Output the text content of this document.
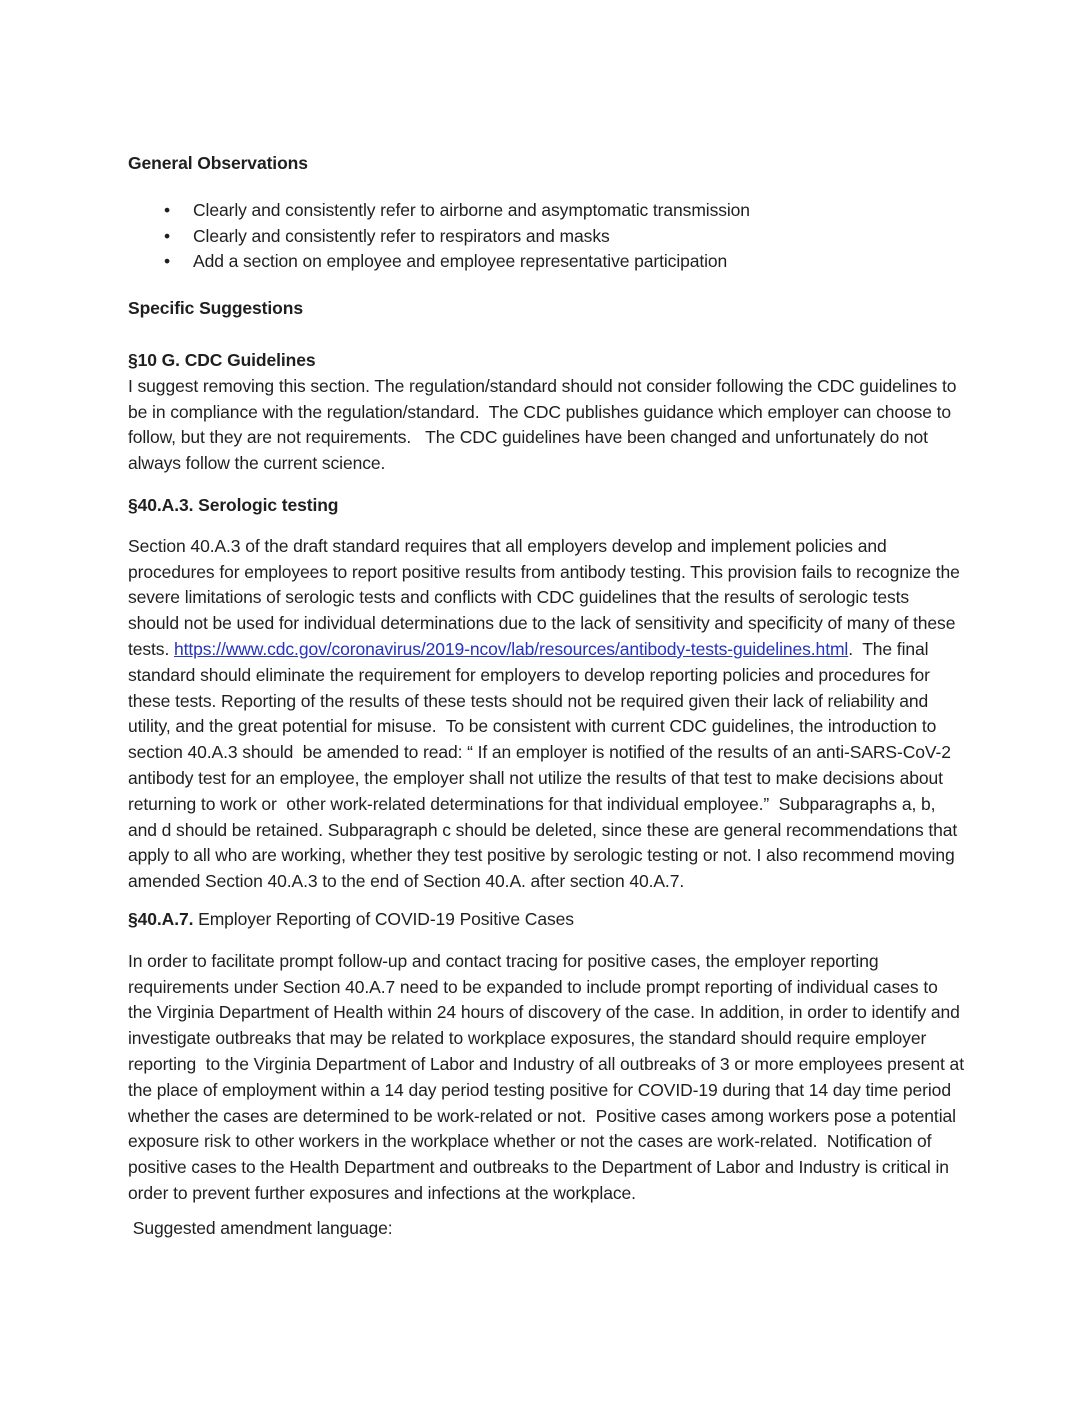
General Observations
• Clearly and consistently refer to airborne and asymptomatic transmission
• Clearly and consistently refer to respirators and masks
• Add a section on employee and employee representative participation
Specific Suggestions
§10 G. CDC Guidelines

I suggest removing this section. The regulation/standard should not consider following the CDC guidelines to be in compliance with the regulation/standard.  The CDC publishes guidance which employer can choose to follow, but they are not requirements.   The CDC guidelines have been changed and unfortunately do not always follow the current science.

§40.A.3. Serologic testing

Section 40.A.3 of the draft standard requires that all employers develop and implement policies and procedures for employees to report positive results from antibody testing. This provision fails to recognize the severe limitations of serologic tests and conflicts with CDC guidelines that the results of serologic tests should not be used for individual determinations due to the lack of sensitivity and specificity of many of these tests. https://www.cdc.gov/coronavirus/2019-ncov/lab/resources/antibody-tests-guidelines.html.  The final standard should eliminate the requirement for employers to develop reporting policies and procedures for these tests. Reporting of the results of these tests should not be required given their lack of reliability and utility, and the great potential for misuse.  To be consistent with current CDC guidelines, the introduction to section 40.A.3 should  be amended to read: “ If an employer is notified of the results of an anti-SARS-CoV-2 antibody test for an employee, the employer shall not utilize the results of that test to make decisions about returning to work or  other work-related determinations for that individual employee.”  Subparagraphs a, b, and d should be retained. Subparagraph c should be deleted, since these are general recommendations that apply to all who are working, whether they test positive by serologic testing or not. I also recommend moving amended Section 40.A.3 to the end of Section 40.A. after section 40.A.7.

§40.A.7. Employer Reporting of COVID-19 Positive Cases

In order to facilitate prompt follow-up and contact tracing for positive cases, the employer reporting requirements under Section 40.A.7 need to be expanded to include prompt reporting of individual cases to the Virginia Department of Health within 24 hours of discovery of the case. In addition, in order to identify and investigate outbreaks that may be related to workplace exposures, the standard should require employer reporting  to the Virginia Department of Labor and Industry of all outbreaks of 3 or more employees present at the place of employment within a 14 day period testing positive for COVID-19 during that 14 day time period whether the cases are determined to be work-related or not.  Positive cases among workers pose a potential exposure risk to other workers in the workplace whether or not the cases are work-related.  Notification of positive cases to the Health Department and outbreaks to the Department of Labor and Industry is critical in order to prevent further exposures and infections at the workplace.

Suggested amendment language:
